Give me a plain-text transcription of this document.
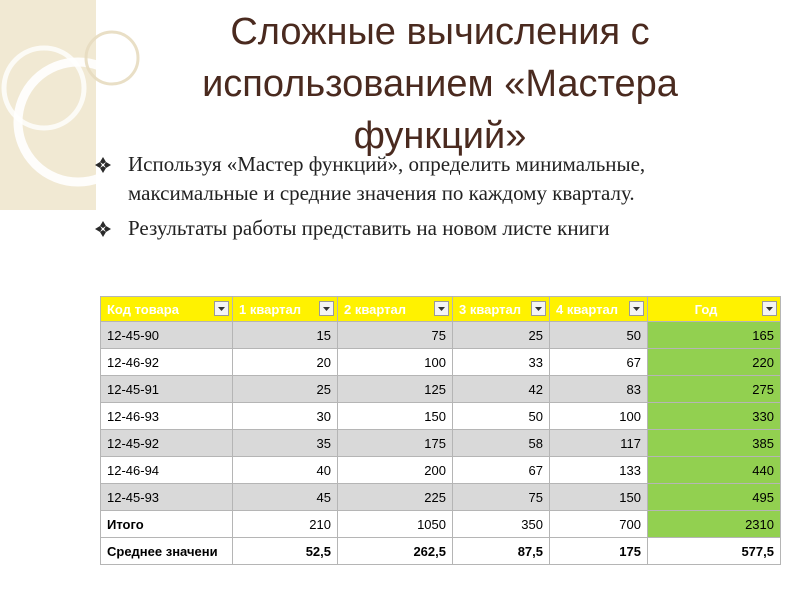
Сложные вычисления с использованием «Мастера функций»
Используя «Мастер функций», определить минимальные, максимальные и средние значения по каждому кварталу.
Результаты работы представить на новом листе книги
Код товара	1 квартал	2 квартал	3 квартал	4 квартал	Год

12-45-90	15	75	25	50	165
12-46-92	20	100	33	67	220
12-45-91	25	125	42	83	275
12-46-93	30	150	50	100	330
12-45-92	35	175	58	117	385
12-46-94	40	200	67	133	440
12-45-93	45	225	75	150	495
Итого	210	1050	350	700	2310
Среднее значени	52,5	262,5	87,5	175	577,5
